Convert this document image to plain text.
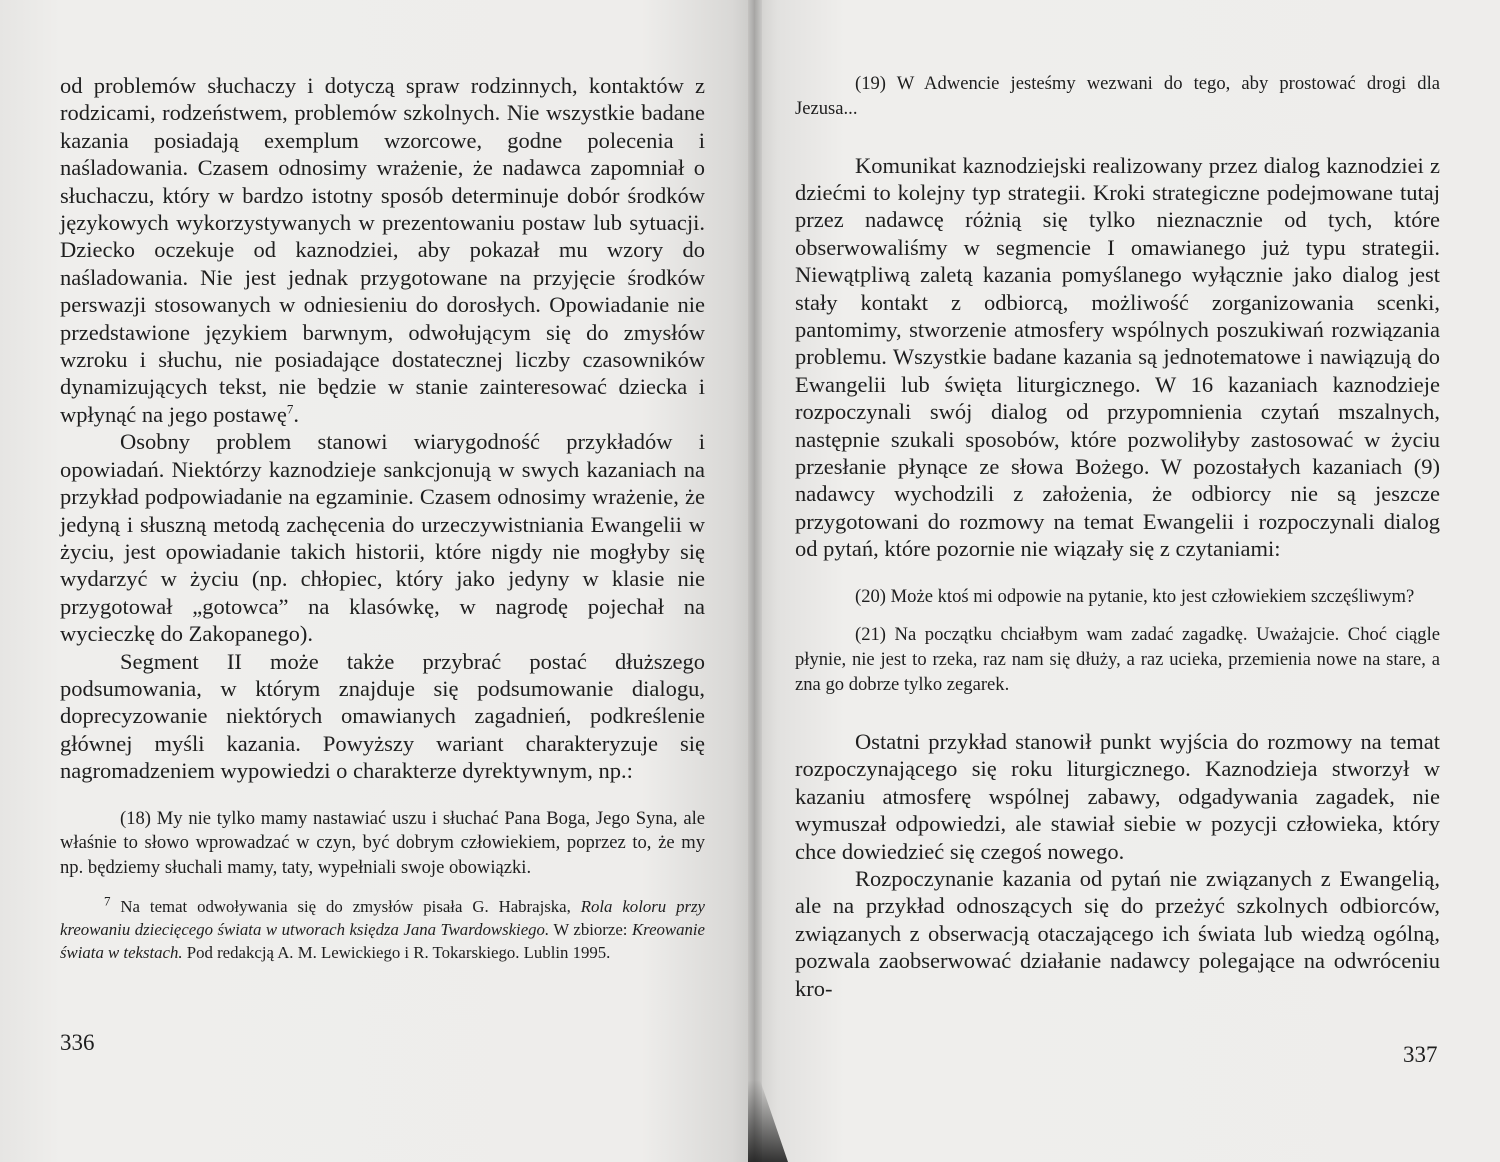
od problemów słuchaczy i dotyczą spraw rodzinnych, kontaktów z rodzicami, rodzeństwem, problemów szkolnych. Nie wszystkie badane kazania posiadają exemplum wzorcowe, godne polecenia i naśladowania. Czasem odnosimy wrażenie, że nadawca zapomniał o słuchaczu, który w bardzo istotny sposób determinuje dobór środków językowych wykorzystywanych w prezentowaniu postaw lub sytuacji. Dziecko oczekuje od kaznodziei, aby pokazał mu wzory do naśladowania. Nie jest jednak przygotowane na przyjęcie środków perswazji stosowanych w odniesieniu do dorosłych. Opowiadanie nie przedstawione językiem barwnym, odwołującym się do zmysłów wzroku i słuchu, nie posiadające dostatecznej liczby czasowników dynamizujących tekst, nie będzie w stanie zainteresować dziecka i wpłynąć na jego postawę$^7$.

Osobny problem stanowi wiarygodność przykładów i opowiadań. Niektórzy kaznodzieje sankcjonują w swych kazaniach na przykład podpowiadanie na egzaminie. Czasem odnosimy wrażenie, że jedyną i słuszną metodą zachęcenia do urzeczywistniania Ewangelii w życiu, jest opowiadanie takich historii, które nigdy nie mogłyby się wydarzyć w życiu (np. chłopiec, który jako jedyny w klasie nie przygotował „gotowca” na klasówkę, w nagrodę pojechał na wycieczkę do Zakopanego).

Segment II może także przybrać postać dłuższego podsumowania, w którym znajduje się podsumowanie dialogu, doprecyzowanie niektórych omawianych zagadnień, podkreślenie głównej myśli kazania. Powyższy wariant charakteryzuje się nagromadzeniem wypowiedzi o charakterze dyrektywnym, np.:

(18) My nie tylko mamy nastawiać uszu i słuchać Pana Boga, Jego Syna, ale właśnie to słowo wprowadzać w czyn, być dobrym człowiekiem, poprzez to, że my np. będziemy słuchali mamy, taty, wypełniali swoje obowiązki.

$^7$ Na temat odwoływania się do zmysłów pisała G. Habrajska, Rola koloru przy kreowaniu dziecięcego świata w utworach księdza Jana Twardowskiego. W zbiorze: Kreowanie świata w tekstach. Pod redakcją A. M. Lewickiego i R. Tokarskiego. Lublin 1995.

336

(19) W Adwencie jesteśmy wezwani do tego, aby prostować drogi dla Jezusa...

Komunikat kaznodziejski realizowany przez dialog kaznodziei z dziećmi to kolejny typ strategii. Kroki strategiczne podejmowane tutaj przez nadawcę różnią się tylko nieznacznie od tych, które obserwowaliśmy w segmencie I omawianego już typu strategii. Niewątpliwą zaletą kazania pomyślanego wyłącznie jako dialog jest stały kontakt z odbiorcą, możliwość zorganizowania scenki, pantomimy, stworzenie atmosfery wspólnych poszukiwań rozwiązania problemu. Wszystkie badane kazania są jednotematowe i nawiązują do Ewangelii lub święta liturgicznego. W 16 kazaniach kaznodzieje rozpoczynali swój dialog od przypomnienia czytań mszalnych, następnie szukali sposobów, które pozwoliłyby zastosować w życiu przesłanie płynące ze słowa Bożego. W pozostałych kazaniach (9) nadawcy wychodzili z założenia, że odbiorcy nie są jeszcze przygotowani do rozmowy na temat Ewangelii i rozpoczynali dialog od pytań, które pozornie nie wiązały się z czytaniami:

(20) Może ktoś mi odpowie na pytanie, kto jest człowiekiem szczęśliwym?

(21) Na początku chciałbym wam zadać zagadkę. Uważajcie. Choć ciągle płynie, nie jest to rzeka, raz nam się dłuży, a raz ucieka, przemienia nowe na stare, a zna go dobrze tylko zegarek.

Ostatni przykład stanowił punkt wyjścia do rozmowy na temat rozpoczynającego się roku liturgicznego. Kaznodzieja stworzył w kazaniu atmosferę wspólnej zabawy, odgadywania zagadek, nie wymuszał odpowiedzi, ale stawiał siebie w pozycji człowieka, który chce dowiedzieć się czegoś nowego.

Rozpoczynanie kazania od pytań nie związanych z Ewangelią, ale na przykład odnoszących się do przeżyć szkolnych odbiorców, związanych z obserwacją otaczającego ich świata lub wiedzą ogólną, pozwala zaobserwować działanie nadawcy polegające na odwróceniu kro-

337
